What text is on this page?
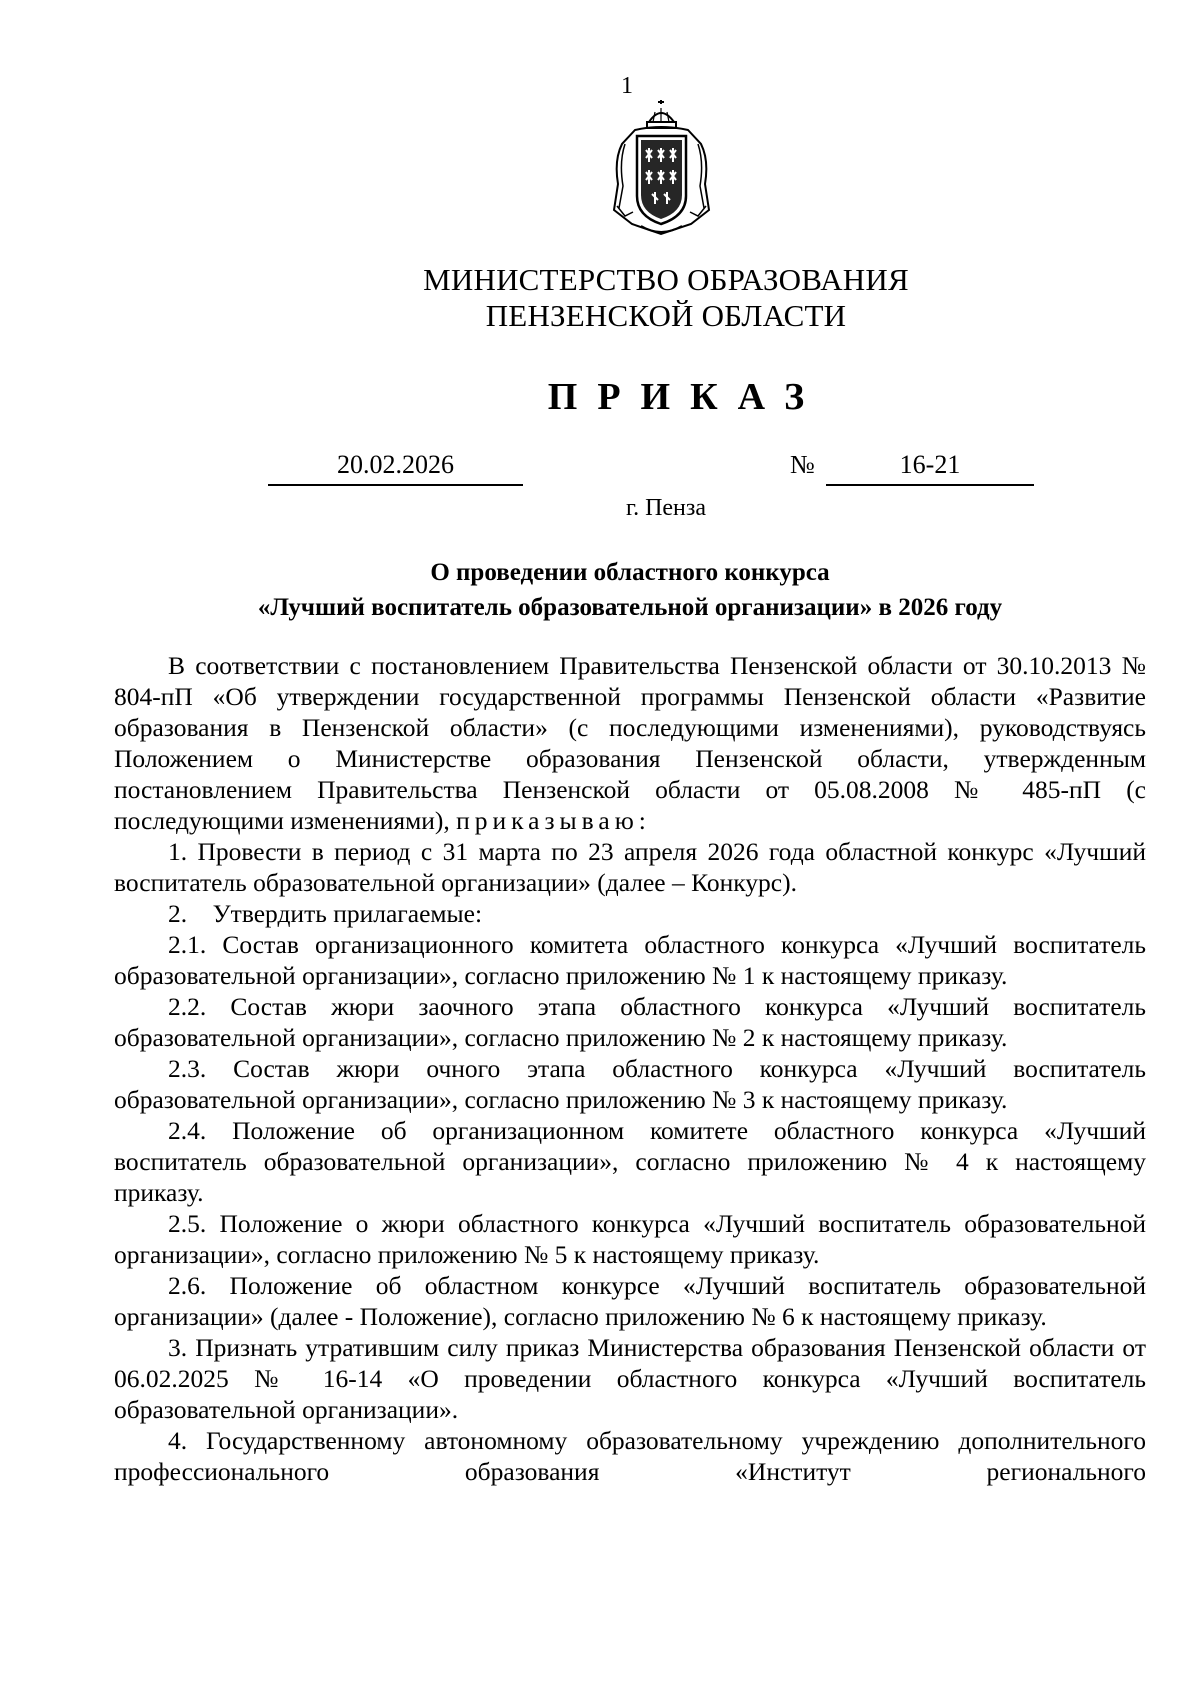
1
МИНИСТЕРСТВО ОБРАЗОВАНИЯ
ПЕНЗЕНСКОЙ ОБЛАСТИ
ПРИКАЗ
20.02.2026	№	16-21
г. Пенза
О проведении областного конкурса
«Лучший воспитатель образовательной организации» в 2026 году

В соответствии с постановлением Правительства Пензенской области от 30.10.2013 № 804-пП «Об утверждении государственной программы Пензенской области «Развитие образования в Пензенской области» (с последующими изменениями), руководствуясь Положением о Министерстве образования Пензенской области, утвержденным постановлением Правительства Пензенской области от 05.08.2008 № 485-пП (с последующими изменениями), приказываю:

1. Провести в период с 31 марта по 23 апреля 2026 года областной конкурс «Лучший воспитатель образовательной организации» (далее – Конкурс).

2.    Утвердить прилагаемые:

2.1. Состав организационного комитета областного конкурса «Лучший воспитатель образовательной организации», согласно приложению № 1 к настоящему приказу.

2.2. Состав жюри заочного этапа областного конкурса «Лучший воспитатель образовательной организации», согласно приложению № 2 к настоящему приказу.

2.3. Состав жюри очного этапа областного конкурса «Лучший воспитатель образовательной организации», согласно приложению № 3 к настоящему приказу.

2.4. Положение об организационном комитете областного конкурса «Лучший воспитатель образовательной организации», согласно приложению № 4 к настоящему приказу.

2.5. Положение о жюри областного конкурса «Лучший воспитатель образовательной организации», согласно приложению № 5 к настоящему приказу.

2.6. Положение об областном конкурсе «Лучший воспитатель образовательной организации» (далее - Положение), согласно приложению № 6 к настоящему приказу.

3. Признать утратившим силу приказ Министерства образования Пензенской области от 06.02.2025 № 16-14 «О проведении областного конкурса «Лучший воспитатель образовательной организации».

4. Государственному автономному образовательному учреждению дополнительного профессионального образования «Институт регионального
